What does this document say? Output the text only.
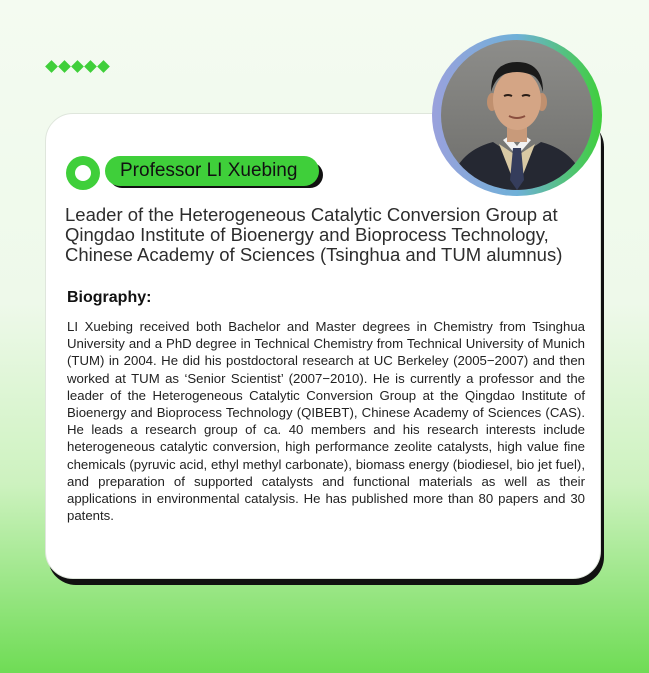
Professor LI Xuebing
Leader of the Heterogeneous Catalytic Conversion Group at
Qingdao Institute of Bioenergy and Bioprocess Technology,
Chinese Academy of Sciences (Tsinghua and TUM alumnus)
Biography:
LI Xuebing received both Bachelor and Master degrees in Chemistry from Tsinghua University and a PhD degree in Technical Chemistry from Technical University of Munich (TUM) in 2004. He did his postdoctoral research at UC Berkeley (2005−2007) and then worked at TUM as ‘Senior Scientist’ (2007−2010). He is currently a professor and the leader of the Heterogeneous Catalytic Conversion Group at the Qingdao Institute of Bioenergy and Bioprocess Technology (QIBEBT), Chinese Academy of Sciences (CAS). He leads a research group of ca. 40 members and his research interests include heterogeneous catalytic conversion, high performance zeolite catalysts, high value fine chemicals (pyruvic acid, ethyl methyl carbonate), biomass energy (biodiesel, bio jet fuel), and preparation of supported catalysts and functional materials as well as their applications in environmental catalysis. He has published more than 80 papers and 30 patents.
